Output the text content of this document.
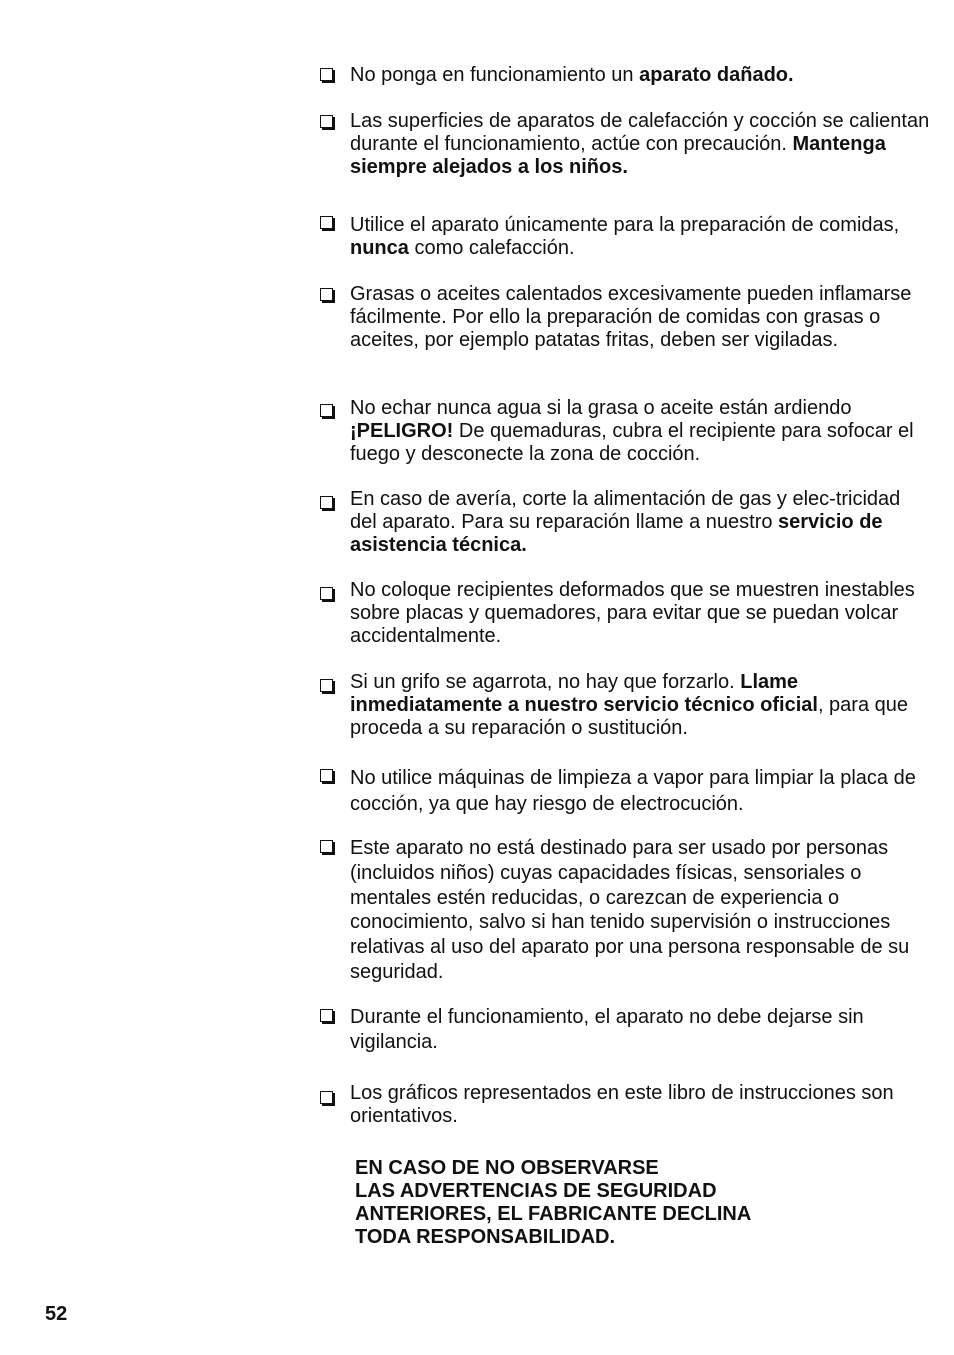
No ponga en funcionamiento un aparato dañado.
Las superficies de aparatos de calefacción y cocción se calientan durante el funcionamiento, actúe con precaución. Mantenga siempre alejados a los niños.
Utilice el aparato únicamente para la preparación de comidas, nunca como calefacción.
Grasas o aceites calentados excesivamente pueden inflamarse fácilmente. Por ello la preparación de comidas con grasas o aceites, por ejemplo patatas fritas, deben ser vigiladas.
No echar nunca agua si la grasa o aceite están ardiendo ¡PELIGRO! De quemaduras, cubra el recipiente para sofocar el fuego y desconecte la zona de cocción.
En caso de avería, corte la alimentación de gas y elec-tricidad del aparato. Para su reparación llame a nuestro servicio de asistencia técnica.
No coloque recipientes deformados que se muestren inestables sobre placas y quemadores, para evitar que se puedan volcar accidentalmente.
Si un grifo se agarrota, no hay que forzarlo. Llame inmediatamente a nuestro servicio técnico oficial, para que proceda a su reparación o sustitución.
No utilice máquinas de limpieza a vapor para limpiar la placa de cocción, ya que hay riesgo de electrocución.
Este aparato no está destinado para ser usado por personas (incluidos niños) cuyas capacidades físicas, sensoriales o mentales estén reducidas, o carezcan de experiencia o conocimiento, salvo si han tenido supervisión o instrucciones relativas al uso del aparato por una persona responsable de su seguridad.
Durante el funcionamiento, el aparato no debe dejarse sin vigilancia.
Los gráficos representados en este libro de instrucciones son orientativos.
EN CASO DE NO OBSERVARSE
LAS ADVERTENCIAS DE SEGURIDAD
ANTERIORES, EL FABRICANTE DECLINA
TODA RESPONSABILIDAD.
52
